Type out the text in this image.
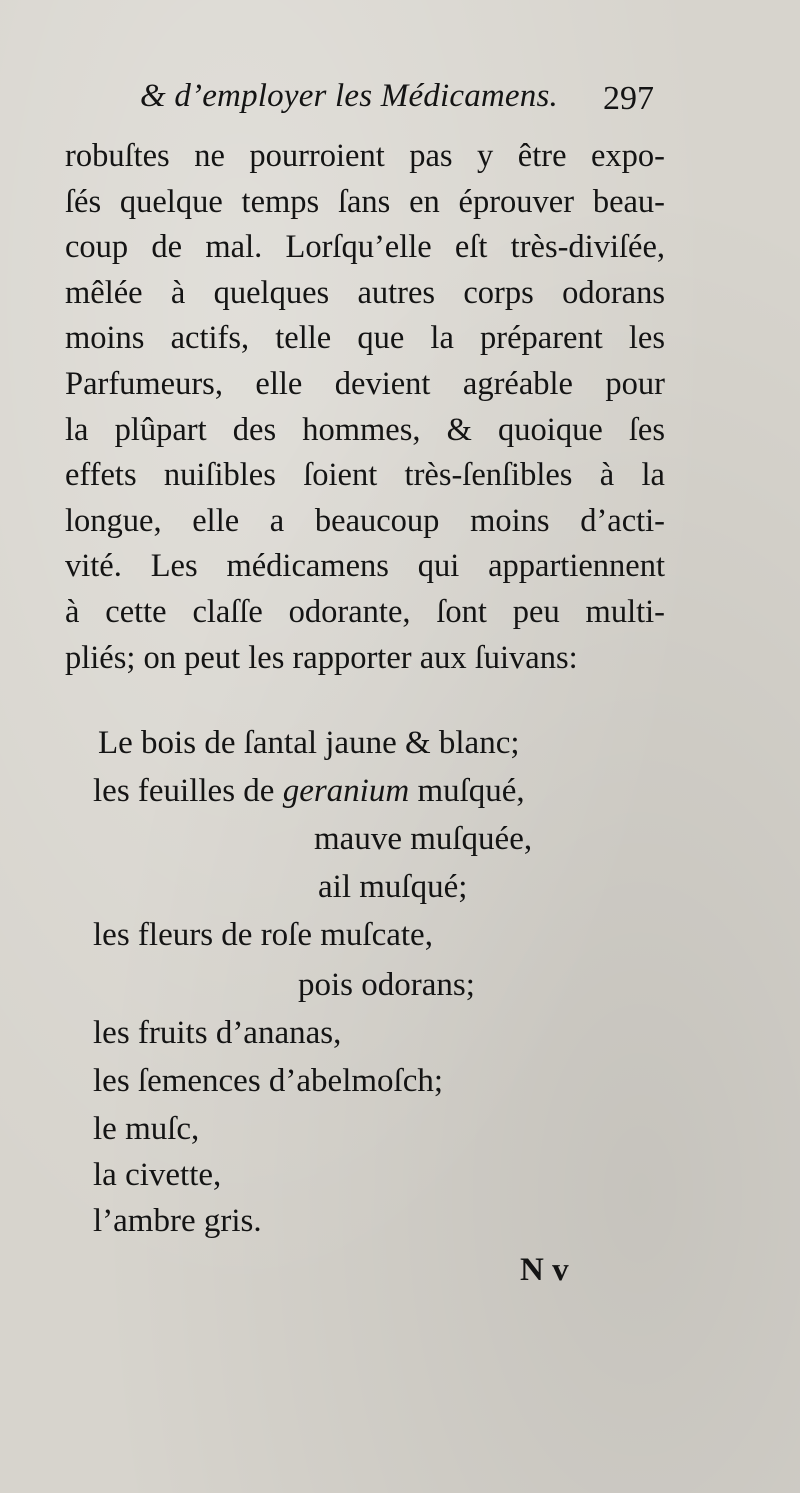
& d’employer les Médicamens. 297
robuſtes ne pourroient pas y être expo-
ſés quelque temps ſans en éprouver beau-
coup de mal. Lorſqu’elle eſt très-diviſée,
mêlée à quelques autres corps odorans
moins actifs, telle que la préparent les
Parfumeurs, elle devient agréable pour
la plûpart des hommes, & quoique ſes
effets nuiſibles ſoient très-ſenſibles à la
longue, elle a beaucoup moins d’acti-
vité. Les médicamens qui appartiennent
à cette claſſe odorante, ſont peu multi-
pliés; on peut les rapporter aux ſuivans:
Le bois de ſantal jaune & blanc;
les feuilles de geranium muſqué,
mauve muſquée,
ail muſqué;
les fleurs de roſe muſcate,
pois odorans;
les fruits d’ananas,
les ſemences d’abelmoſch;
le muſc,
la civette,
l’ambre gris.
N v
